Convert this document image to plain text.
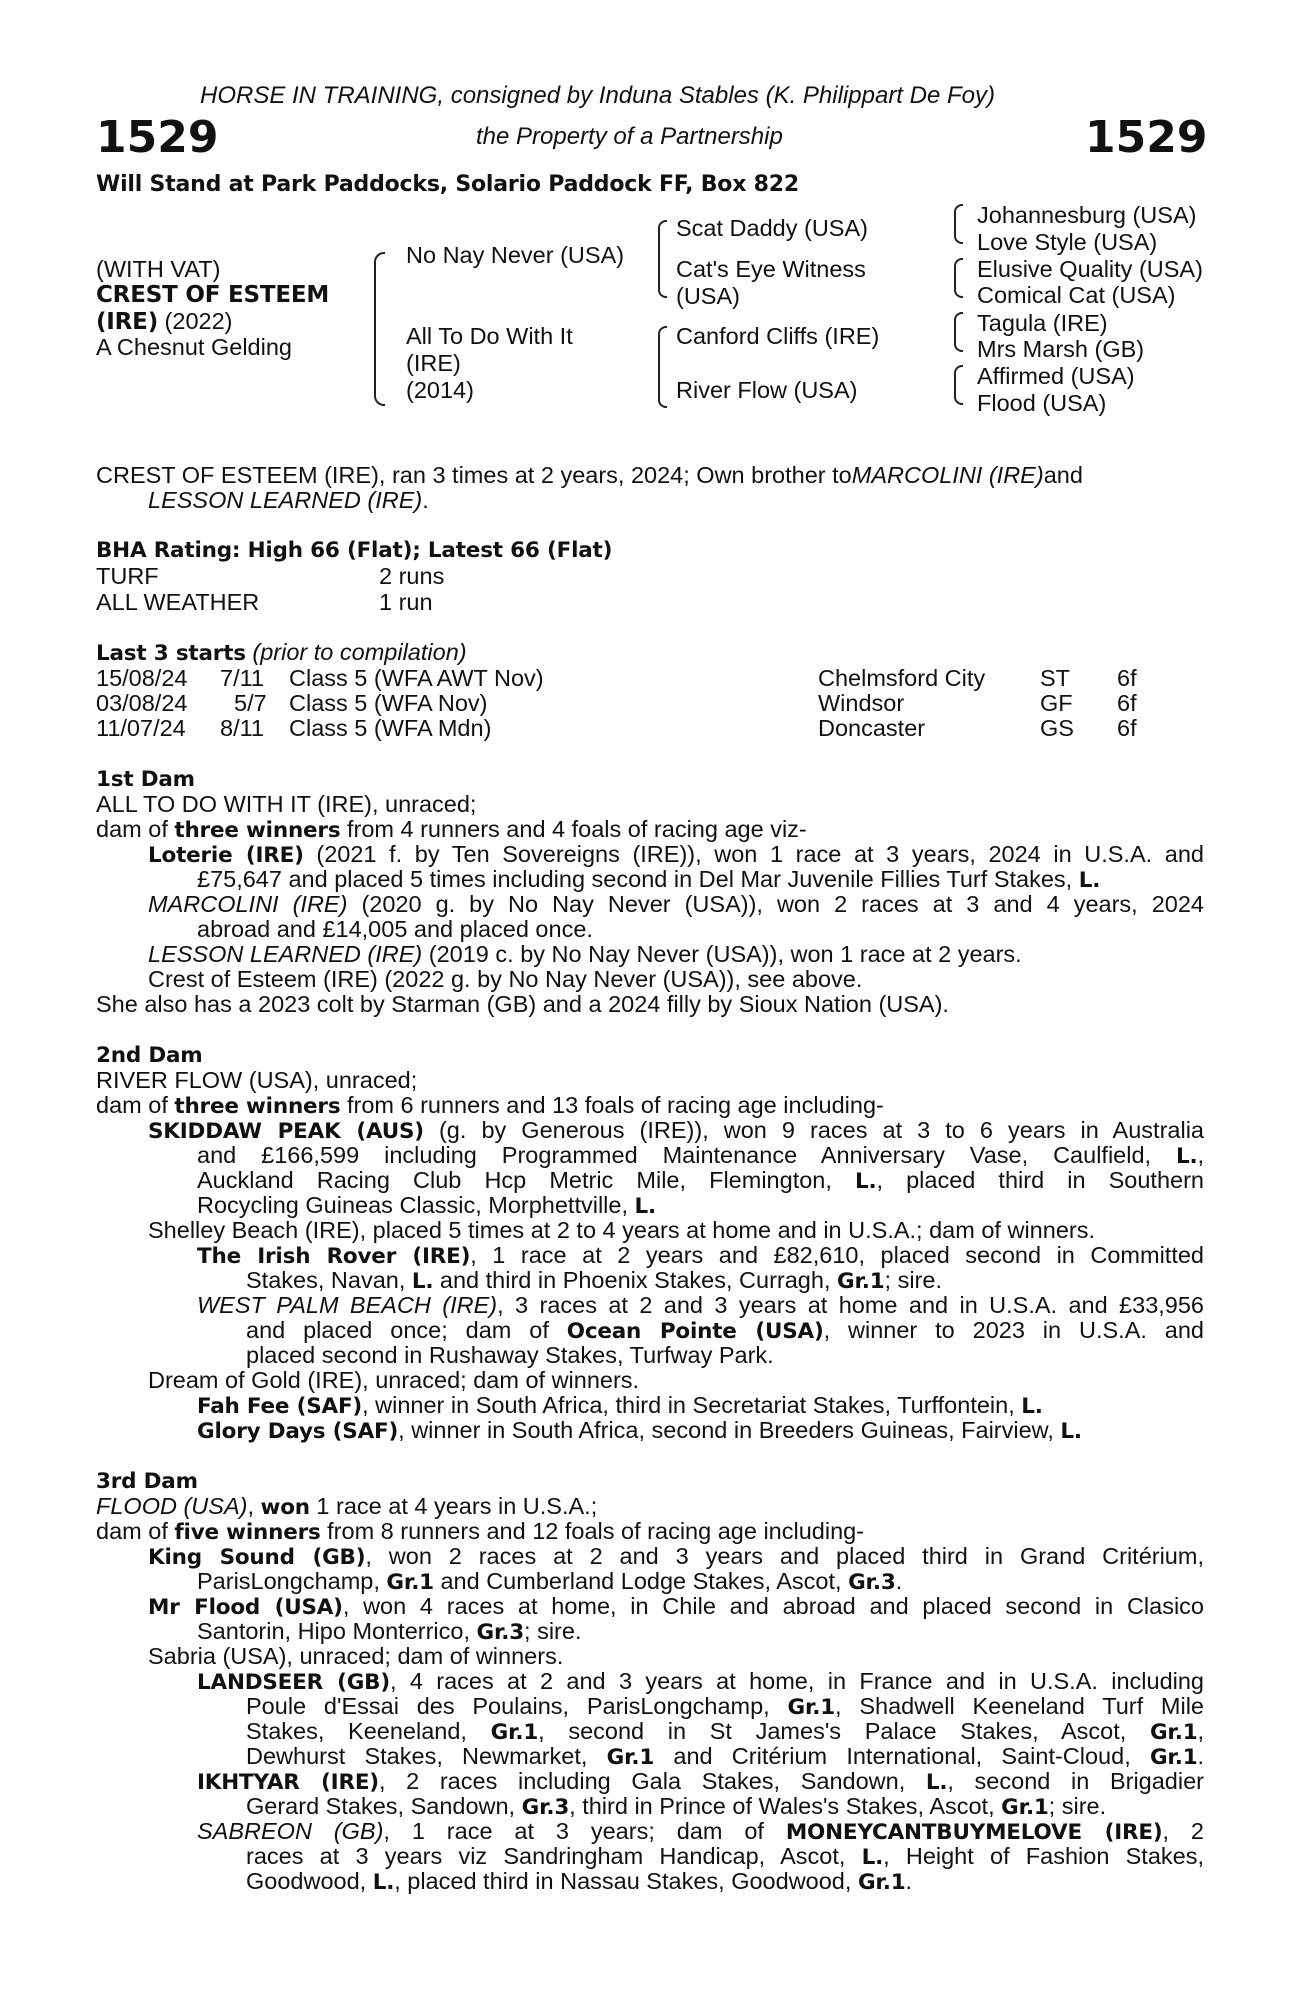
HORSE IN TRAINING, consigned by Induna Stables (K. Philippart De Foy)
1529	the Property of a Partnership	1529
Will Stand at Park Paddocks, Solario Paddock FF, Box 822
(WITH VAT)
CREST OF ESTEEM
(IRE) (2022)
A Chesnut Gelding
No Nay Never (USA)
All To Do With It
(IRE)
(2014)
Scat Daddy (USA)
Cat's Eye Witness
(USA)
Canford Cliffs (IRE)
River Flow (USA)
Johannesburg (USA)
Love Style (USA)
Elusive Quality (USA)
Comical Cat (USA)
Tagula (IRE)
Mrs Marsh (GB)
Affirmed (USA)
Flood (USA)
CREST OF ESTEEM (IRE), ran 3 times at 2 years, 2024; Own brother to MARCOLINI (IRE) and
LESSON LEARNED (IRE).
BHA Rating: High 66 (Flat); Latest 66 (Flat)
TURF	2 runs
ALL WEATHER	1 run
Last 3 starts (prior to compilation)
15/08/24 7/11 Class 5 (WFA AWT Nov)	Chelmsford City ST 6f
03/08/24 5/7 Class 5 (WFA Nov)	Windsor	GF 6f
11/07/24 8/11 Class 5 (WFA Mdn)	Doncaster	GS 6f
1st Dam
ALL TO DO WITH IT (IRE), unraced;
dam of three winners from 4 runners and 4 foals of racing age viz-
Loterie (IRE) (2021 f. by Ten Sovereigns (IRE)), won 1 race at 3 years, 2024 in U.S.A. and
£75,647 and placed 5 times including second in Del Mar Juvenile Fillies Turf Stakes, L.
MARCOLINI (IRE) (2020 g. by No Nay Never (USA)), won 2 races at 3 and 4 years, 2024
abroad and £14,005 and placed once.
LESSON LEARNED (IRE) (2019 c. by No Nay Never (USA)), won 1 race at 2 years.
Crest of Esteem (IRE) (2022 g. by No Nay Never (USA)), see above.
She also has a 2023 colt by Starman (GB) and a 2024 filly by Sioux Nation (USA).
2nd Dam
RIVER FLOW (USA), unraced;
dam of three winners from 6 runners and 13 foals of racing age including-
SKIDDAW PEAK (AUS) (g. by Generous (IRE)), won 9 races at 3 to 6 years in Australia
and £166,599 including Programmed Maintenance Anniversary Vase, Caulfield, L.,
Auckland Racing Club Hcp Metric Mile, Flemington, L., placed third in Southern
Rocycling Guineas Classic, Morphettville, L.
Shelley Beach (IRE), placed 5 times at 2 to 4 years at home and in U.S.A.; dam of winners.
The Irish Rover (IRE), 1 race at 2 years and £82,610, placed second in Committed
Stakes, Navan, L. and third in Phoenix Stakes, Curragh, Gr.1; sire.
WEST PALM BEACH (IRE), 3 races at 2 and 3 years at home and in U.S.A. and £33,956
and placed once; dam of Ocean Pointe (USA), winner to 2023 in U.S.A. and
placed second in Rushaway Stakes, Turfway Park.
Dream of Gold (IRE), unraced; dam of winners.
Fah Fee (SAF), winner in South Africa, third in Secretariat Stakes, Turffontein, L.
Glory Days (SAF), winner in South Africa, second in Breeders Guineas, Fairview, L.
3rd Dam
FLOOD (USA), won 1 race at 4 years in U.S.A.;
dam of five winners from 8 runners and 12 foals of racing age including-
King Sound (GB), won 2 races at 2 and 3 years and placed third in Grand Critérium,
ParisLongchamp, Gr.1 and Cumberland Lodge Stakes, Ascot, Gr.3.
Mr Flood (USA), won 4 races at home, in Chile and abroad and placed second in Clasico
Santorin, Hipo Monterrico, Gr.3; sire.
Sabria (USA), unraced; dam of winners.
LANDSEER (GB), 4 races at 2 and 3 years at home, in France and in U.S.A. including
Poule d'Essai des Poulains, ParisLongchamp, Gr.1, Shadwell Keeneland Turf Mile
Stakes, Keeneland, Gr.1, second in St James's Palace Stakes, Ascot, Gr.1,
Dewhurst Stakes, Newmarket, Gr.1 and Critérium International, Saint-Cloud, Gr.1.
IKHTYAR (IRE), 2 races including Gala Stakes, Sandown, L., second in Brigadier
Gerard Stakes, Sandown, Gr.3, third in Prince of Wales's Stakes, Ascot, Gr.1; sire.
SABREON (GB), 1 race at 3 years; dam of MONEYCANTBUYMELOVE (IRE), 2
races at 3 years viz Sandringham Handicap, Ascot, L., Height of Fashion Stakes,
Goodwood, L., placed third in Nassau Stakes, Goodwood, Gr.1.
